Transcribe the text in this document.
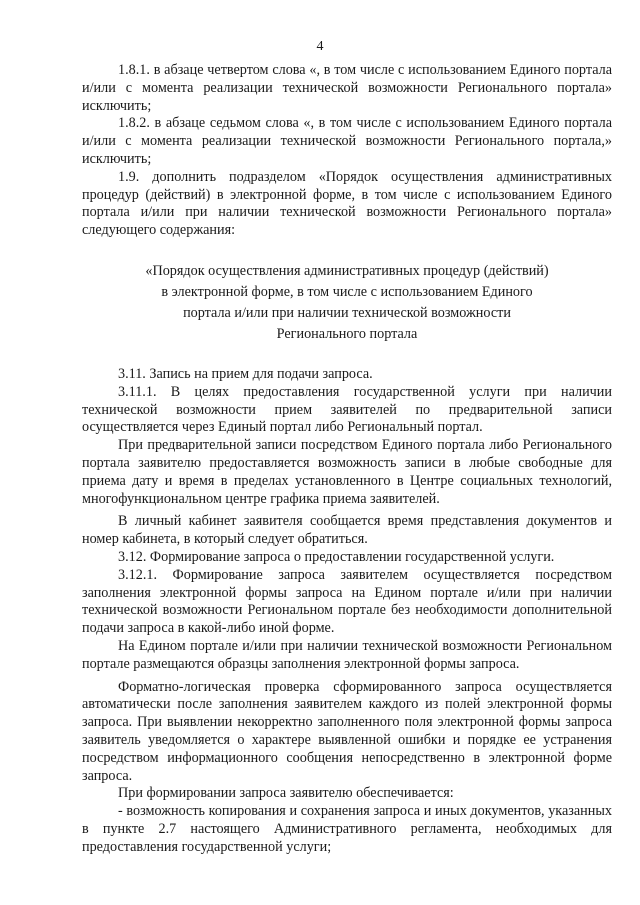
4

1.8.1. в абзаце четвертом слова «, в том числе с использованием Единого портала и/или с момента реализации технической возможности Регионального портала» исключить;

1.8.2. в абзаце седьмом слова «, в том числе с использованием Единого портала и/или с момента реализации технической возможности Регионального портала,» исключить;

1.9. дополнить подразделом «Порядок осуществления административных процедур (действий) в электронной форме, в том числе с использованием Единого портала и/или при наличии технической возможности Регионального портала» следующего содержания:

«Порядок осуществления административных процедур (действий)
в электронной форме, в том числе с использованием Единого
портала и/или при наличии технической возможности
Регионального портала

3.11. Запись на прием для подачи запроса.

3.11.1. В целях предоставления государственной услуги при наличии технической возможности прием заявителей по предварительной записи осуществляется через Единый портал либо Региональный портал.

При предварительной записи посредством Единого портала либо Регионального портала заявителю предоставляется возможность записи в любые свободные для приема дату и время в пределах установленного в Центре социальных технологий, многофункциональном центре графика приема заявителей.

В личный кабинет заявителя сообщается время представления документов и номер кабинета, в который следует обратиться.

3.12. Формирование запроса о предоставлении государственной услуги.

3.12.1. Формирование запроса заявителем осуществляется посредством заполнения электронной формы запроса на Едином портале и/или при наличии технической возможности Региональном портале без необходимости дополнительной подачи запроса в какой-либо иной форме.

На Едином портале и/или при наличии технической возможности Региональном портале размещаются образцы заполнения электронной формы запроса.

Форматно-логическая проверка сформированного запроса осуществляется автоматически после заполнения заявителем каждого из полей электронной формы запроса. При выявлении некорректно заполненного поля электронной формы запроса заявитель уведомляется о характере выявленной ошибки и порядке ее устранения посредством информационного сообщения непосредственно в электронной форме запроса.

При формировании запроса заявителю обеспечивается:

- возможность копирования и сохранения запроса и иных документов, указанных в пункте 2.7 настоящего Административного регламента, необходимых для предоставления государственной услуги;
